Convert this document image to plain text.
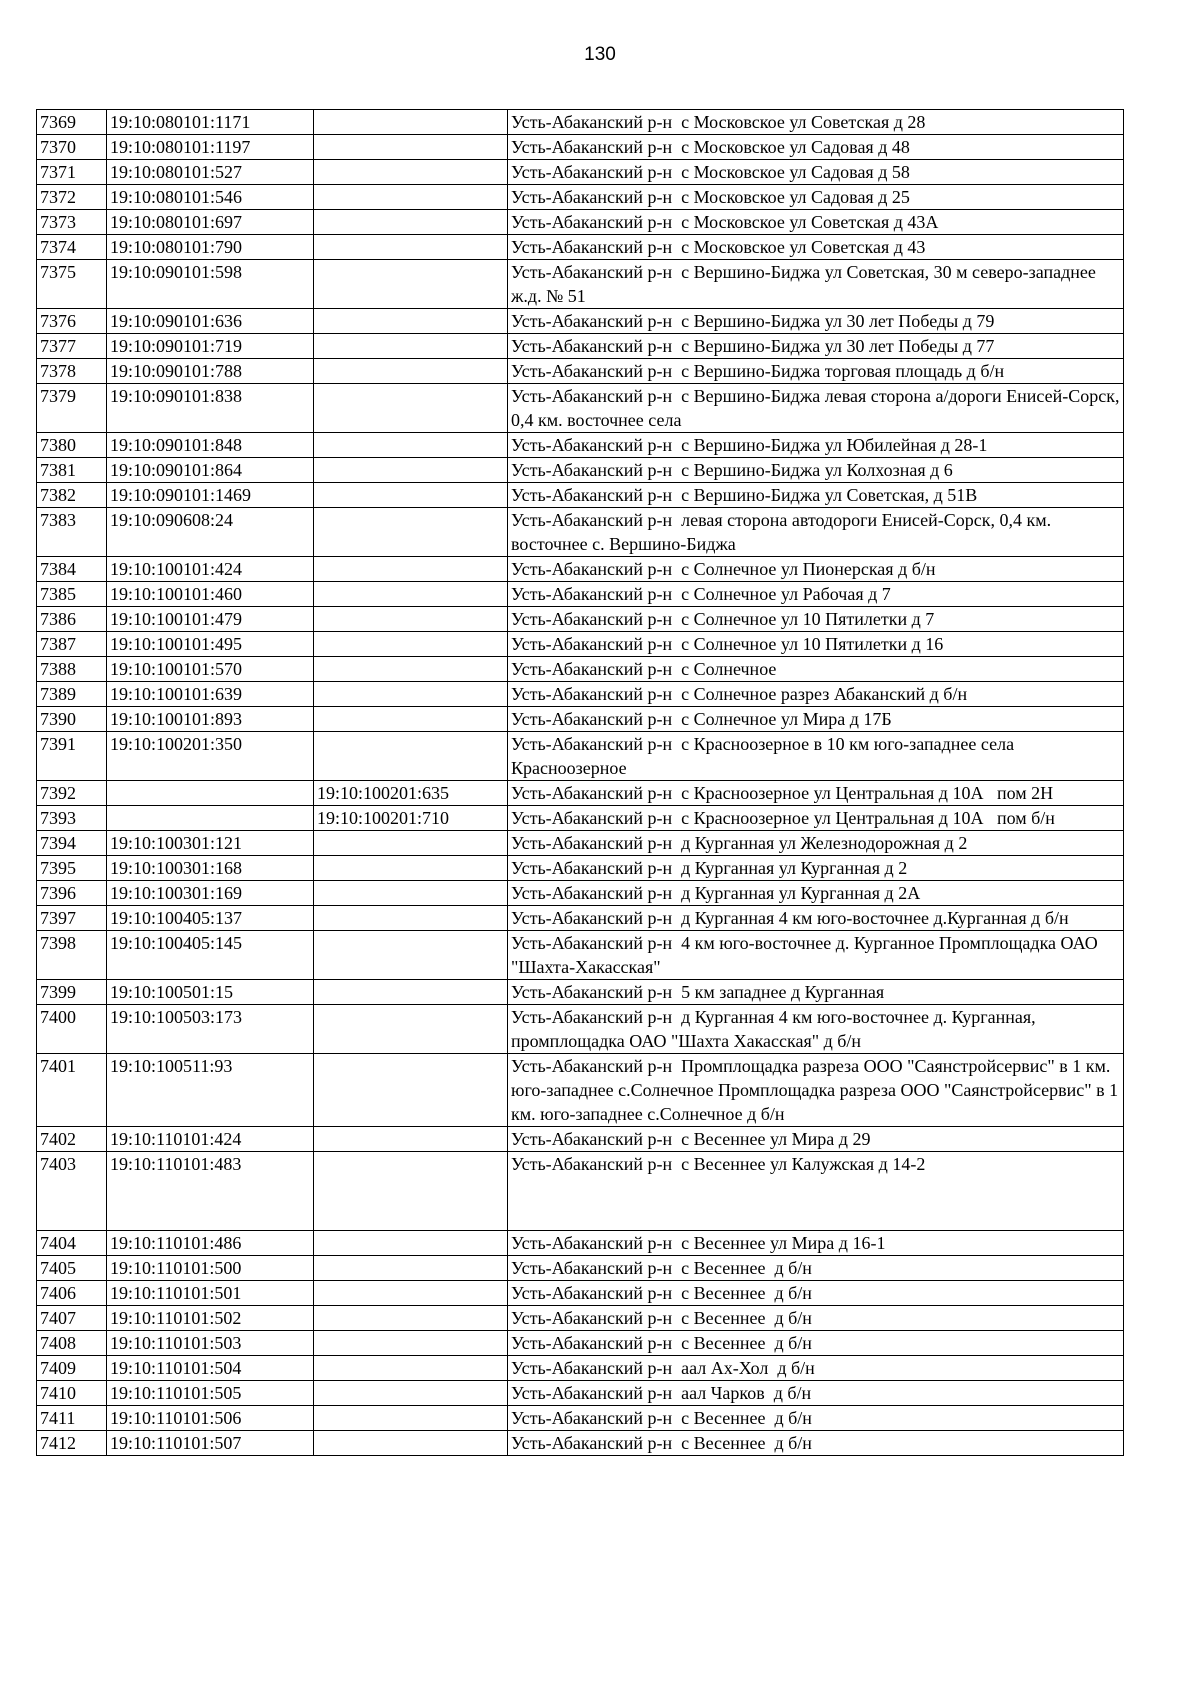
130
7369	19:10:080101:1171		Усть-Абаканский р-н  с Московское ул Советская д 28
7370	19:10:080101:1197		Усть-Абаканский р-н  с Московское ул Садовая д 48
7371	19:10:080101:527		Усть-Абаканский р-н  с Московское ул Садовая д 58
7372	19:10:080101:546		Усть-Абаканский р-н  с Московское ул Садовая д 25
7373	19:10:080101:697		Усть-Абаканский р-н  с Московское ул Советская д 43А
7374	19:10:080101:790		Усть-Абаканский р-н  с Московское ул Советская д 43
7375	19:10:090101:598		Усть-Абаканский р-н  с Вершино-Биджа ул Советская, 30 м северо-западнее ж.д. № 51
7376	19:10:090101:636		Усть-Абаканский р-н  с Вершино-Биджа ул 30 лет Победы д 79
7377	19:10:090101:719		Усть-Абаканский р-н  с Вершино-Биджа ул 30 лет Победы д 77
7378	19:10:090101:788		Усть-Абаканский р-н  с Вершино-Биджа торговая площадь д б/н
7379	19:10:090101:838		Усть-Абаканский р-н  с Вершино-Биджа левая сторона а/дороги Енисей-Сорск, 0,4 км. восточнее села
7380	19:10:090101:848		Усть-Абаканский р-н  с Вершино-Биджа ул Юбилейная д 28-1
7381	19:10:090101:864		Усть-Абаканский р-н  с Вершино-Биджа ул Колхозная д 6
7382	19:10:090101:1469		Усть-Абаканский р-н  с Вершино-Биджа ул Советская, д 51В
7383	19:10:090608:24		Усть-Абаканский р-н  левая сторона автодороги Енисей-Сорск, 0,4 км. восточнее с. Вершино-Биджа
7384	19:10:100101:424		Усть-Абаканский р-н  с Солнечное ул Пионерская д б/н
7385	19:10:100101:460		Усть-Абаканский р-н  с Солнечное ул Рабочая д 7
7386	19:10:100101:479		Усть-Абаканский р-н  с Солнечное ул 10 Пятилетки д 7
7387	19:10:100101:495		Усть-Абаканский р-н  с Солнечное ул 10 Пятилетки д 16
7388	19:10:100101:570		Усть-Абаканский р-н  с Солнечное
7389	19:10:100101:639		Усть-Абаканский р-н  с Солнечное разрез Абаканский д б/н
7390	19:10:100101:893		Усть-Абаканский р-н  с Солнечное ул Мира д 17Б
7391	19:10:100201:350		Усть-Абаканский р-н  с Красноозерное в 10 км юго-западнее села Красноозерное
7392		19:10:100201:635	Усть-Абаканский р-н  с Красноозерное ул Центральная д 10А   пом 2Н
7393		19:10:100201:710	Усть-Абаканский р-н  с Красноозерное ул Центральная д 10А   пом б/н
7394	19:10:100301:121		Усть-Абаканский р-н  д Курганная ул Железнодорожная д 2
7395	19:10:100301:168		Усть-Абаканский р-н  д Курганная ул Курганная д 2
7396	19:10:100301:169		Усть-Абаканский р-н  д Курганная ул Курганная д 2А
7397	19:10:100405:137		Усть-Абаканский р-н  д Курганная 4 км юго-восточнее д.Курганная д б/н
7398	19:10:100405:145		Усть-Абаканский р-н  4 км юго-восточнее д. Курганное Промплощадка ОАО "Шахта-Хакасская"
7399	19:10:100501:15		Усть-Абаканский р-н  5 км западнее д Курганная
7400	19:10:100503:173		Усть-Абаканский р-н  д Курганная 4 км юго-восточнее д. Курганная, промплощадка ОАО "Шахта Хакасская" д б/н
7401	19:10:100511:93		Усть-Абаканский р-н  Промплощадка разреза ООО "Саянстройсервис" в 1 км. юго-западнее с.Солнечное Промплощадка разреза ООО "Саянстройсервис" в 1 км. юго-западнее с.Солнечное д б/н
7402	19:10:110101:424		Усть-Абаканский р-н  с Весеннее ул Мира д 29
7403	19:10:110101:483		Усть-Абаканский р-н  с Весеннее ул Калужская д 14-2
7404	19:10:110101:486		Усть-Абаканский р-н  с Весеннее ул Мира д 16-1
7405	19:10:110101:500		Усть-Абаканский р-н  с Весеннее  д б/н
7406	19:10:110101:501		Усть-Абаканский р-н  с Весеннее  д б/н
7407	19:10:110101:502		Усть-Абаканский р-н  с Весеннее  д б/н
7408	19:10:110101:503		Усть-Абаканский р-н  с Весеннее  д б/н
7409	19:10:110101:504		Усть-Абаканский р-н  аал Ах-Хол  д б/н
7410	19:10:110101:505		Усть-Абаканский р-н  аал Чарков  д б/н
7411	19:10:110101:506		Усть-Абаканский р-н  с Весеннее  д б/н
7412	19:10:110101:507		Усть-Абаканский р-н  с Весеннее  д б/н
